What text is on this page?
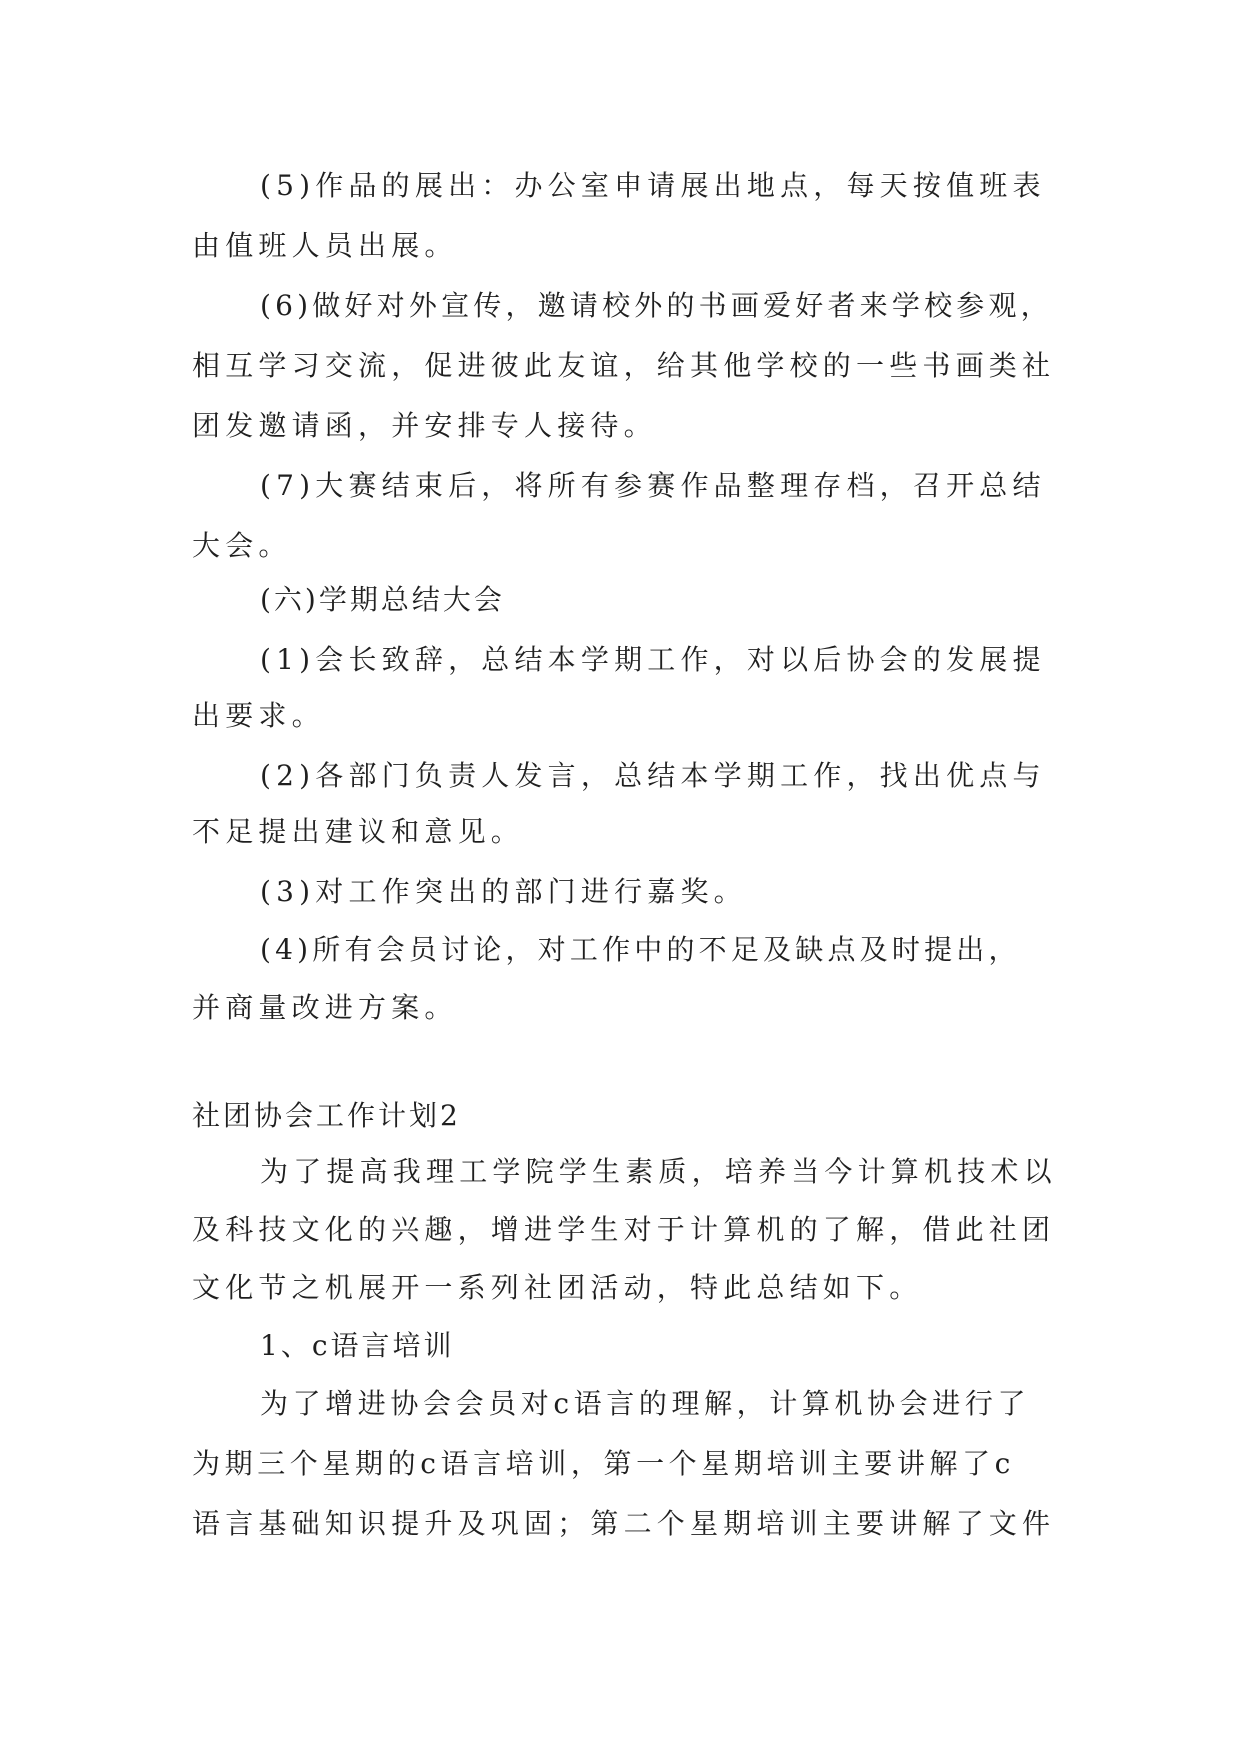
(5)作品的展出：办公室申请展出地点，每天按值班表

由值班人员出展。

(6)做好对外宣传，邀请校外的书画爱好者来学校参观，

相互学习交流，促进彼此友谊，给其他学校的一些书画类社

团发邀请函，并安排专人接待。

(7)大赛结束后，将所有参赛作品整理存档，召开总结

大会。

(六)学期总结大会

(1)会长致辞，总结本学期工作，对以后协会的发展提

出要求。

(2)各部门负责人发言，总结本学期工作，找出优点与

不足提出建议和意见。

(3)对工作突出的部门进行嘉奖。

(4)所有会员讨论，对工作中的不足及缺点及时提出，

并商量改进方案。

社团协会工作计划2

为了提高我理工学院学生素质，培养当今计算机技术以

及科技文化的兴趣，增进学生对于计算机的了解，借此社团

文化节之机展开一系列社团活动，特此总结如下。

1、c语言培训

为了增进协会会员对c语言的理解，计算机协会进行了

为期三个星期的c语言培训，第一个星期培训主要讲解了c

语言基础知识提升及巩固；第二个星期培训主要讲解了文件
